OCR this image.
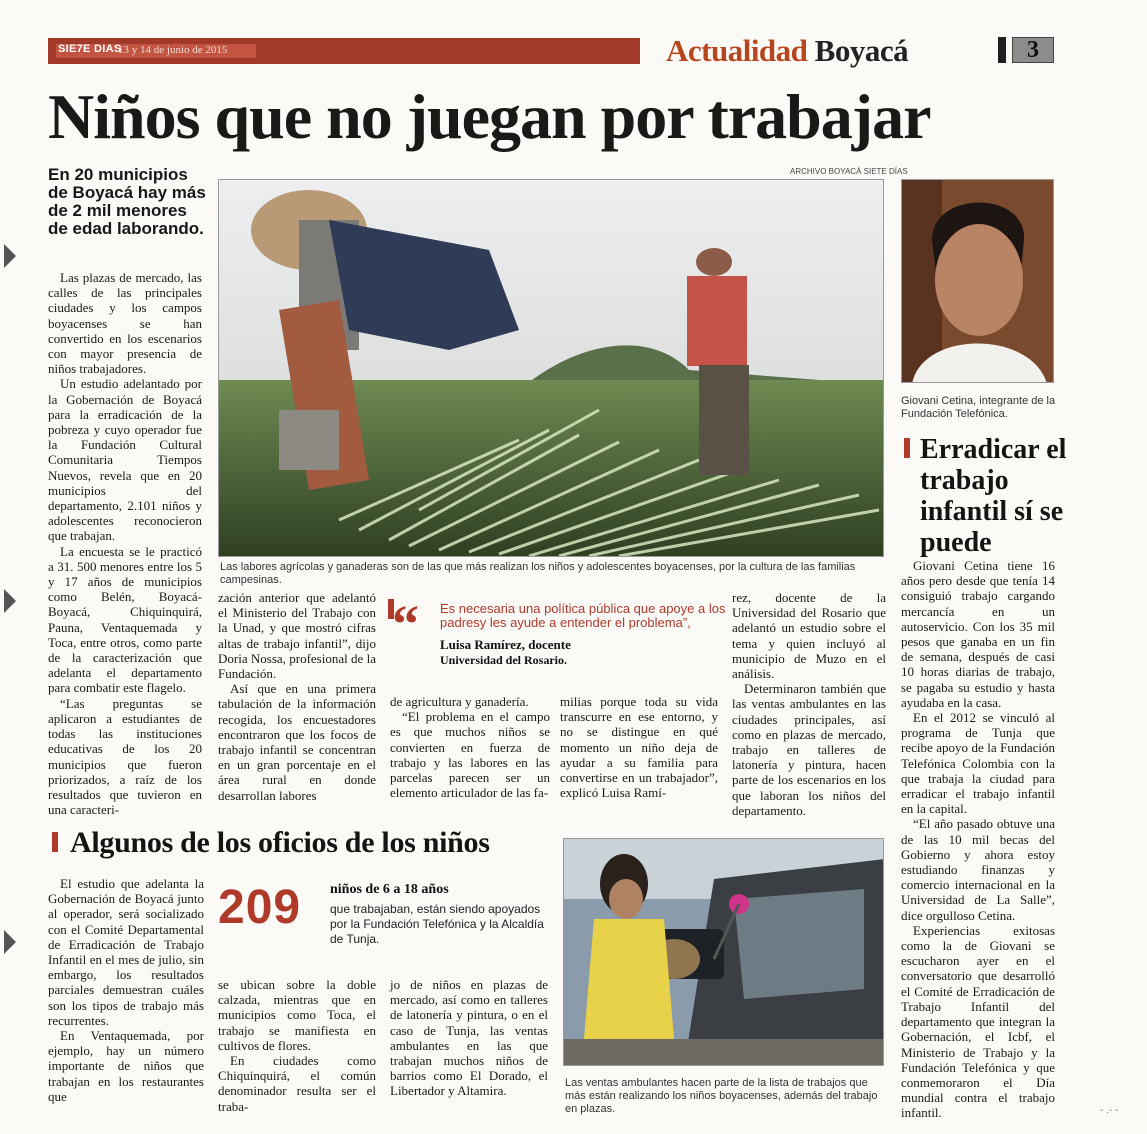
SIE7E DIAS
13 y 14 de junio de 2015	Actualidad Boyacá	3
Niños que no juegan por trabajar
En 20 municipios de Boyacá hay más de 2 mil menores de edad laborando.
ARCHIVO BOYACÁ SIETE DÍAS
Las labores agrícolas y ganaderas son de las que más realizan los niños y adolescentes boyacenses, por la cultura de las familias campesinas.
Giovani Cetina, integrante de la Fundación Telefónica.

Las plazas de mercado, las calles de las principales ciudades y los campos boyacenses se han convertido en los escenarios con mayor presencia de niños trabajadores.

Un estudio adelantado por la Gobernación de Boyacá para la erradicación de la pobreza y cuyo operador fue la Fundación Cultural Comunitaria Tiempos Nuevos, revela que en 20 municipios del departamento, 2.101 niños y adolescentes reconocieron que trabajan.

La encuesta se le practicó a 31. 500 menores entre los 5 y 17 años de municipios como Belén, Boyacá-Boyacá, Chiquinquirá, Pauna, Ventaquemada y Toca, entre otros, como parte de la caracterización que adelanta el departamento para combatir este flagelo.

“Las preguntas se aplicaron a estudiantes de todas las instituciones educativas de los 20 municipios que fueron priorizados, a raíz de los resultados que tuvieron en una caracteri-

zación anterior que adelantó el Ministerio del Trabajo con la Unad, y que mostró cifras altas de trabajo infantil”, dijo Doria Nossa, profesional de la Fundación.

Así que en una primera tabulación de la información recogida, los encuestadores encontraron que los focos de trabajo infantil se concentran en un gran porcentaje en el área rural en donde desarrollan labores

“ Es necesaria una política pública que apoye a los padresy les ayude a entender el problema”,
Luisa Ramírez, docente
Universidad del Rosario.

de agricultura y ganadería.

“El problema en el campo es que muchos niños se convierten en fuerza de trabajo y las labores en las parcelas parecen ser un elemento articulador de las fa-

milias porque toda su vida transcurre en ese entorno, y no se distingue en qué momento un niño deja de ayudar a su familia para convertirse en un trabajador”, explicó Luisa Ramí-

rez, docente de la Universidad del Rosario que adelantó un estudio sobre el tema y quien incluyó al municipio de Muzo en el análisis.

Determinaron también que las ventas ambulantes en las ciudades principales, así como en plazas de mercado, trabajo en talleres de latonería y pintura, hacen parte de los escenarios en los que laboran los niños del departamento.

Erradicar el trabajo infantil sí se puede

Giovani Cetina tiene 16 años pero desde que tenía 14 consiguió trabajo cargando mercancía en un autoservicio. Con los 35 mil pesos que ganaba en un fin de semana, después de casi 10 horas diarias de trabajo, se pagaba su estudio y hasta ayudaba en la casa.

En el 2012 se vinculó al programa de Tunja que recibe apoyo de la Fundación Telefónica Colombia con la que trabaja la ciudad para erradicar el trabajo infantil en la capital.

“El año pasado obtuve una de las 10 mil becas del Gobierno y ahora estoy estudiando finanzas y comercio internacional en la Universidad de La Salle”, dice orgulloso Cetina.

Experiencias exitosas como la de Giovani se escucharon ayer en el conversatorio que desarrolló el Comité de Erradicación de Trabajo Infantil del departamento que integran la Gobernación, el Icbf, el Ministerio de Trabajo y la Fundación Telefónica y que conmemoraron el Día mundial contra el trabajo infantil.

Algunos de los oficios de los niños
209 niños de 6 a 18 años
que trabajaban, están siendo apoyados por la Fundación Telefónica y la Alcaldía de Tunja.

El estudio que adelanta la Gobernación de Boyacá junto al operador, será socializado con el Comité Departamental de Erradicación de Trabajo Infantil en el mes de julio, sin embargo, los resultados parciales demuestran cuáles son los tipos de trabajo más recurrentes.

En Ventaquemada, por ejemplo, hay un número importante de niños que trabajan en los restaurantes que

se ubican sobre la doble calzada, mientras que en municipios como Toca, el trabajo se manifiesta en cultivos de flores.

En ciudades como Chiquinquirá, el común denominador resulta ser el traba-

jo de niños en plazas de mercado, así como en talleres de latonería y pintura, o en el caso de Tunja, las ventas ambulantes en las que trabajan muchos niños de barrios como El Dorado, el Libertador y Altamira.

Las ventas ambulantes hacen parte de la lista de trabajos que más están realizando los niños boyacenses, además del trabajo en plazas.	- .- -
